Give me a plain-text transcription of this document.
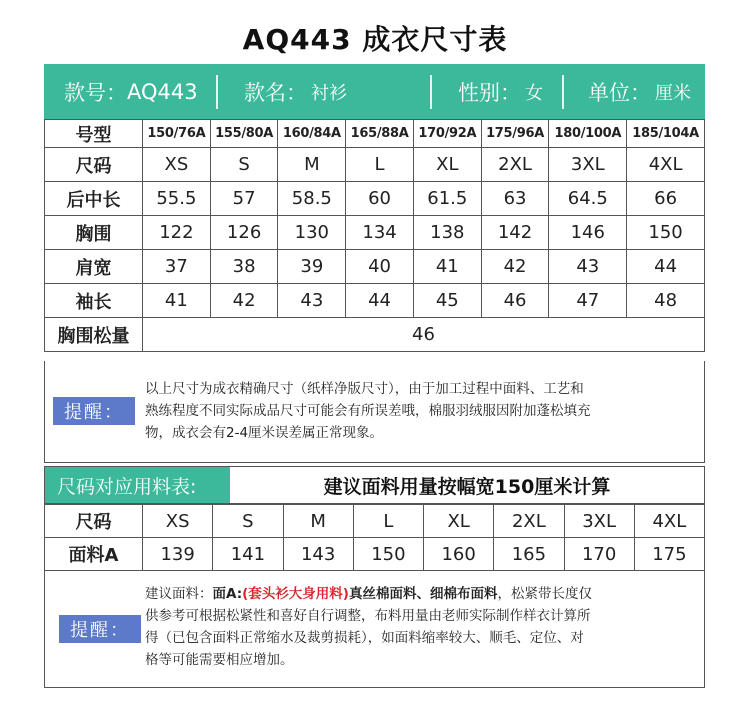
AQ443 成衣尺寸表
款号： AQ443 款名： 衬衫	性别： 女 单位： 厘米
号型	150/76A	155/80A	160/84A	165/88A	170/92A	175/96A	180/100A	185/104A
尺码	XS	S	M	L	XL	2XL	3XL	4XL
后中长	55.5	57	58.5	60	61.5	63	64.5	66
胸围	122	126	130	134	138	142	146	150
肩宽	37	38	39	40	41	42	43	44
袖长	41	42	43	44	45	46	47	48
胸围松量	46							
提醒：
以上尺寸为成衣精确尺寸（纸样净版尺寸），由于加工过程中面料、工艺和
熟练程度不同实际成品尺寸可能会有所误差哦，棉服羽绒服因附加蓬松填充
物，成衣会有2-4厘米误差属正常现象。
尺码对应用料表:	建议面料用量按幅宽150厘米计算
尺码	XS	S	M	L	XL	2XL	3XL	4XL
面料A	139	141	143	150	160	165	170	175
提醒：
建议面料：面A:(套头衫大身用料)真丝棉面料、细棉布面料，松紧带长度仅
供参考可根据松紧性和喜好自行调整，布料用量由老师实际制作样衣计算所
得（已包含面料正常缩水及裁剪损耗），如面料缩率较大、顺毛、定位、对
格等可能需要相应增加。
